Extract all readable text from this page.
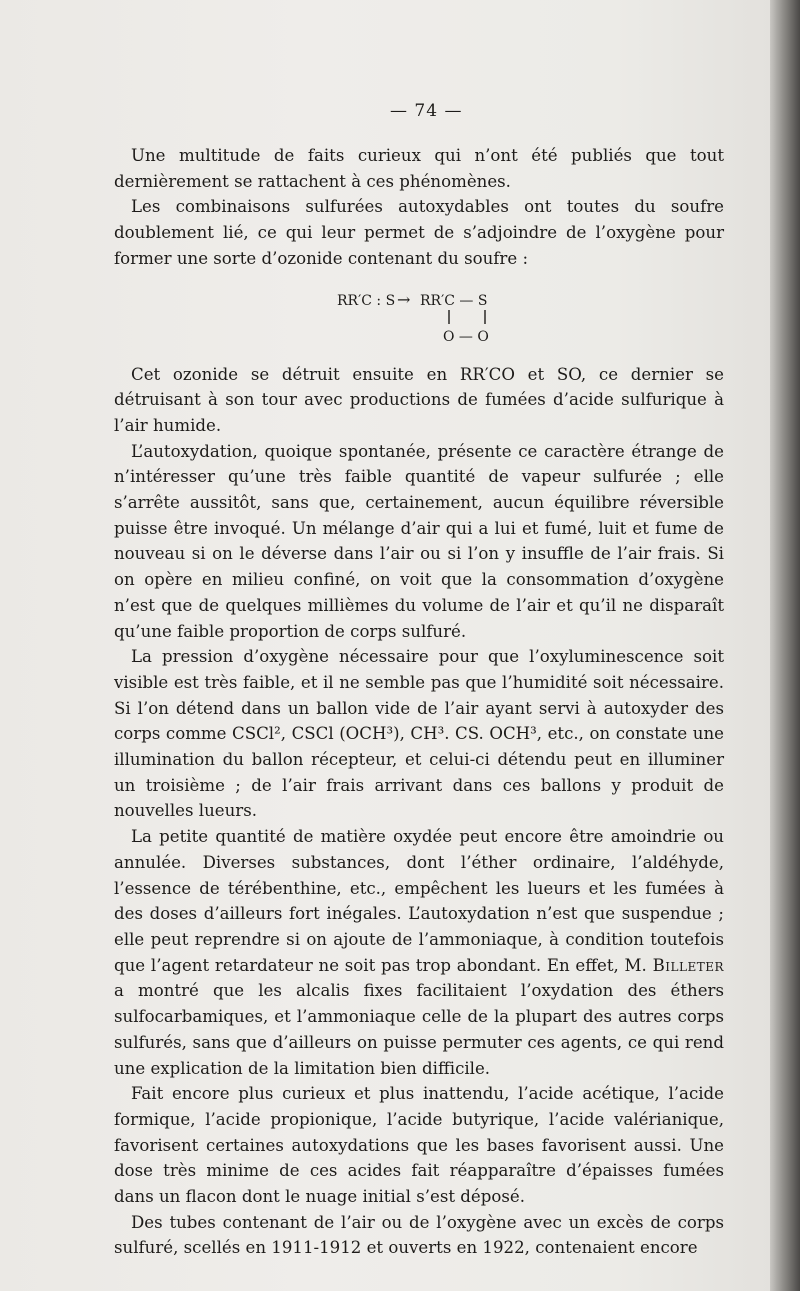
— 74 —

Une multitude de faits curieux qui n’ont été publiés que tout dernièrement se rattachent à ces phénomènes.

Les combinaisons sulfurées autoxydables ont toutes du soufre doublement lié, ce qui leur permet de s’adjoindre de l’oxygène pour former une sorte d’ozonide contenant du soufre :

RR′C : S → RR′C — S
O — O

Cet ozonide se détruit ensuite en RR′CO et SO, ce dernier se détruisant à son tour avec productions de fumées d’acide sulfurique à l’air humide.

L’autoxydation, quoique spontanée, présente ce caractère étrange de n’intéresser qu’une très faible quantité de vapeur sulfurée ; elle s’arrête aussitôt, sans que, certainement, aucun équilibre réversible puisse être invoqué. Un mélange d’air qui a lui et fumé, luit et fume de nouveau si on le déverse dans l’air ou si l’on y insuffle de l’air frais. Si on opère en milieu confiné, on voit que la consommation d’oxygène n’est que de quelques millièmes du volume de l’air et qu’il ne disparaît qu’une faible proportion de corps sulfuré.

La pression d’oxygène nécessaire pour que l’oxyluminescence soit visible est très faible, et il ne semble pas que l’humidité soit nécessaire. Si l’on détend dans un ballon vide de l’air ayant servi à autoxyder des corps comme CSCl², CSCl (OCH³), CH³. CS. OCH³, etc., on constate une illumination du ballon récepteur, et celui-ci détendu peut en illuminer un troisième ; de l’air frais arrivant dans ces ballons y produit de nouvelles lueurs.

La petite quantité de matière oxydée peut encore être amoindrie ou annulée. Diverses substances, dont l’éther ordinaire, l’aldéhyde, l’essence de térébenthine, etc., empêchent les lueurs et les fumées à des doses d’ailleurs fort inégales. L’autoxydation n’est que suspendue ; elle peut reprendre si on ajoute de l’ammoniaque, à condition toutefois que l’agent retardateur ne soit pas trop abondant. En effet, M. Billeter a montré que les alcalis fixes facilitaient l’oxydation des éthers sulfocarbamiques, et l’ammoniaque celle de la plupart des autres corps sulfurés, sans que d’ailleurs on puisse permuter ces agents, ce qui rend une explication de la limitation bien difficile.

Fait encore plus curieux et plus inattendu, l’acide acétique, l’acide formique, l’acide propionique, l’acide butyrique, l’acide valérianique, favorisent certaines autoxydations que les bases favorisent aussi. Une dose très minime de ces acides fait réapparaître d’épaisses fumées dans un flacon dont le nuage initial s’est déposé.

Des tubes contenant de l’air ou de l’oxygène avec un excès de corps sulfuré, scellés en 1911-1912 et ouverts en 1922, contenaient encore
